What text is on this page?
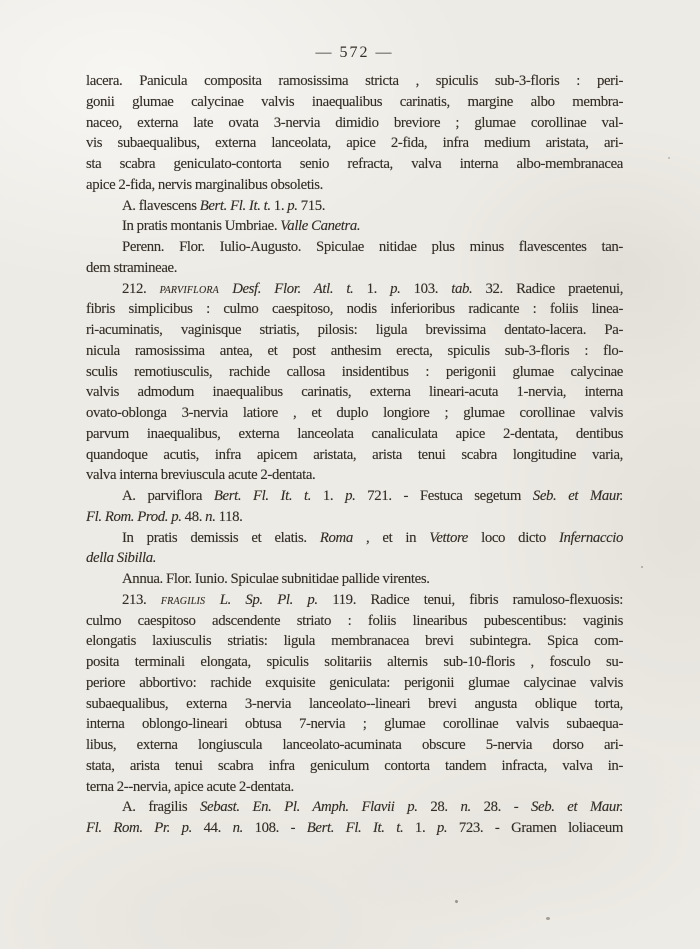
— 572 —
lacera. Panicula composita ramosissima stricta , spiculis sub-3-floris : peri-
gonii glumae calycinae valvis inaequalibus carinatis, margine albo membra-
naceo, externa late ovata 3-nervia dimidio breviore ; glumae corollinae val-
vis subaequalibus, externa lanceolata, apice 2-fida, infra medium aristata, ari-
sta scabra geniculato-contorta senio refracta, valva interna albo-membranacea
apice 2-fida, nervis marginalibus obsoletis.
A. flavescens Bert. Fl. It. t. 1. p. 715.
In pratis montanis Umbriae. Valle Canetra.
Perenn. Flor. Iulio-Augusto. Spiculae nitidae plus minus flavescentes tan-
dem stramineae.
212. parviflora Desf. Flor. Atl. t. 1. p. 103. tab. 32. Radice praetenui,
fibris simplicibus : culmo caespitoso, nodis inferioribus radicante : foliis linea-
ri-acuminatis, vaginisque striatis, pilosis: ligula brevissima dentato-lacera. Pa-
nicula ramosissima antea, et post anthesim erecta, spiculis sub-3-floris : flo-
sculis remotiusculis, rachide callosa insidentibus : perigonii glumae calycinae
valvis admodum inaequalibus carinatis, externa lineari-acuta 1-nervia, interna
ovato-oblonga 3-nervia latiore , et duplo longiore ; glumae corollinae valvis
parvum inaequalibus, externa lanceolata canaliculata apice 2-dentata, dentibus
quandoque acutis, infra apicem aristata, arista tenui scabra longitudine varia,
valva interna breviuscula acute 2-dentata.
A. parviflora Bert. Fl. It. t. 1. p. 721. - Festuca segetum Seb. et Maur.
Fl. Rom. Prod. p. 48. n. 118.
In pratis demissis et elatis. Roma , et in Vettore loco dicto Infernaccio
della Sibilla.
Annua. Flor. Iunio. Spiculae subnitidae pallide virentes.
213. fragilis L. Sp. Pl. p. 119. Radice tenui, fibris ramuloso-flexuosis:
culmo caespitoso adscendente striato : foliis linearibus pubescentibus: vaginis
elongatis laxiusculis striatis: ligula membranacea brevi subintegra. Spica com-
posita terminali elongata, spiculis solitariis alternis sub-10-floris , fosculo su-
periore abbortivo: rachide exquisite geniculata: perigonii glumae calycinae valvis
subaequalibus, externa 3-nervia lanceolato--lineari brevi angusta oblique torta,
interna oblongo-lineari obtusa 7-nervia ; glumae corollinae valvis subaequa-
libus, externa longiuscula lanceolato-acuminata obscure 5-nervia dorso ari-
stata, arista tenui scabra infra geniculum contorta tandem infracta, valva in-
terna 2--nervia, apice acute 2-dentata.
A. fragilis Sebast. En. Pl. Amph. Flavii p. 28. n. 28. - Seb. et Maur.
Fl. Rom. Pr. p. 44. n. 108. - Bert. Fl. It. t. 1. p. 723. - Gramen loliaceum
